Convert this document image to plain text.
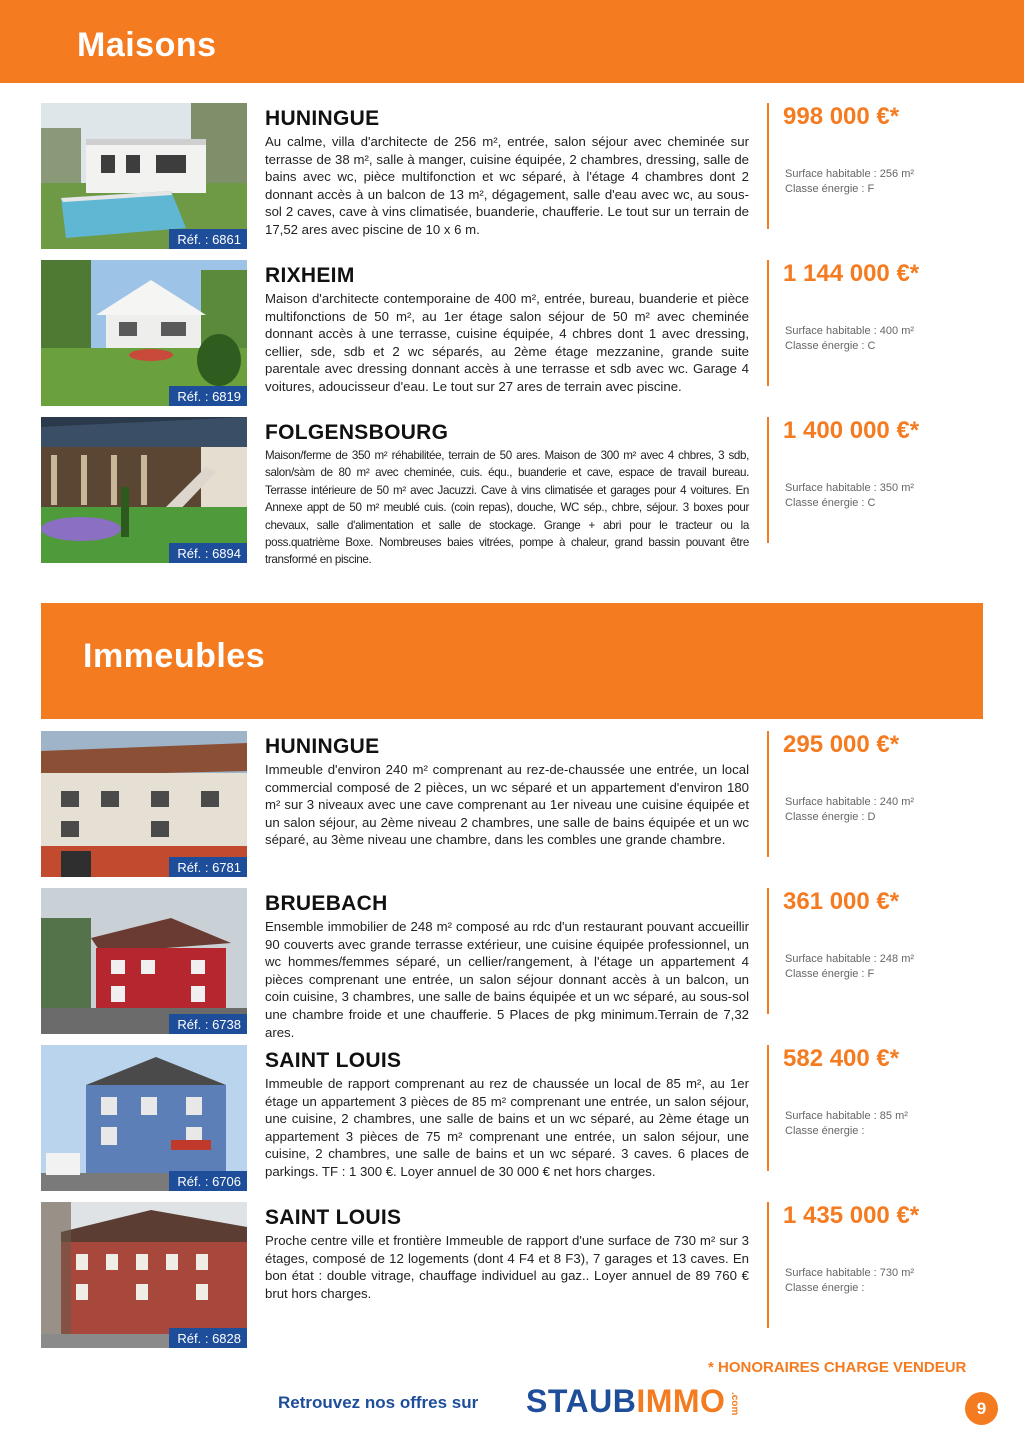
Maisons
Réf. : 6861
HUNINGUE
Au calme, villa d'architecte de 256 m², entrée, salon séjour avec cheminée sur terrasse de 38 m², salle à manger, cuisine équipée, 2 chambres, dressing, salle de bains avec wc, pièce multifonction et wc séparé, à l'étage 4 chambres dont 2 donnant accès à un balcon de 13 m², dégagement, salle d'eau avec wc, au sous-sol 2 caves, cave à vins climatisée, buanderie, chaufferie. Le tout sur un terrain de 17,52 ares avec piscine de 10 x 6 m.
998 000 €*
Surface habitable : 256 m²
Classe énergie : F
Réf. : 6819
RIXHEIM
Maison d'architecte contemporaine de 400 m², entrée, bureau, buanderie et pièce multifonctions de 50 m², au 1er étage salon séjour de 50 m² avec cheminée donnant accès à une terrasse, cuisine équipée, 4 chbres dont 1 avec dressing, cellier, sde, sdb et 2 wc séparés, au 2ème étage mezzanine, grande suite parentale avec dressing donnant accès à une terrasse et sdb avec wc. Garage 4 voitures, adoucisseur d'eau. Le tout sur 27 ares de terrain avec piscine.
1 144 000 €*
Surface habitable : 400 m²
Classe énergie : C
Réf. : 6894
FOLGENSBOURG
Maison/ferme de 350 m² réhabilitée, terrain de 50 ares. Maison de 300 m² avec 4 chbres, 3 sdb, salon/sàm de 80 m² avec cheminée, cuis. équ., buanderie et cave, espace de travail bureau. Terrasse intérieure de 50 m² avec Jacuzzi. Cave à vins climatisée et garages pour 4 voitures. En Annexe appt de 50 m² meublé cuis. (coin repas), douche, WC sép., chbre, séjour. 3 boxes pour chevaux, salle d'alimentation et salle de stockage. Grange + abri pour le tracteur ou la poss.quatrième Boxe. Nombreuses baies vitrées, pompe à chaleur, grand bassin pouvant être transformé en piscine.
1 400 000 €*
Surface habitable : 350 m²
Classe énergie : C
Immeubles
Réf. : 6781
HUNINGUE
Immeuble d'environ 240 m² comprenant au rez-de-chaussée une entrée, un local commercial composé de 2 pièces, un wc séparé et un appartement d'environ 180 m² sur 3 niveaux avec une cave comprenant au 1er niveau une cuisine équipée et un salon séjour, au 2ème niveau 2 chambres, une salle de bains équipée et un wc séparé, au 3ème niveau une chambre, dans les combles une grande chambre.
295 000 €*
Surface habitable : 240 m²
Classe énergie : D
Réf. : 6738
BRUEBACH
Ensemble immobilier de 248 m² composé au rdc d'un restaurant pouvant accueillir 90 couverts avec grande terrasse extérieur, une cuisine équipée professionnel, un wc hommes/femmes séparé, un cellier/rangement, à l'étage un appartement 4 pièces comprenant une entrée, un salon séjour donnant accès à un balcon, un coin cuisine, 3 chambres, une salle de bains équipée et un wc séparé, au sous-sol une chambre froide et une chaufferie. 5 Places de pkg minimum.Terrain de 7,32 ares.
361 000 €*
Surface habitable : 248 m²
Classe énergie : F
Réf. : 6706
SAINT LOUIS
Immeuble de rapport comprenant au rez de chaussée un local de 85 m², au 1er étage un appartement 3 pièces de 85 m² comprenant une entrée, un salon séjour, une cuisine, 2 chambres, une salle de bains et un wc séparé, au 2ème étage un appartement 3 pièces de 75 m² comprenant une entrée, un salon séjour, une cuisine, 2 chambres, une salle de bains et un wc séparé. 3 caves. 6 places de parkings. TF : 1 300 €. Loyer annuel de 30 000 € net hors charges.
582 400 €*
Surface habitable : 85 m²
Classe énergie :
Réf. : 6828
SAINT LOUIS
Proche centre ville et frontière Immeuble de rapport d'une surface de 730 m² sur 3 étages, composé de 12 logements (dont 4 F4 et 8 F3), 7 garages et 13 caves. En bon état : double vitrage, chauffage individuel au gaz.. Loyer annuel de 89 760 € brut hors charges.
1 435 000 €*
Surface habitable : 730 m²
Classe énergie :
* HONORAIRES CHARGE VENDEUR
Retrouvez nos offres sur STAUBIMMO .com	9
